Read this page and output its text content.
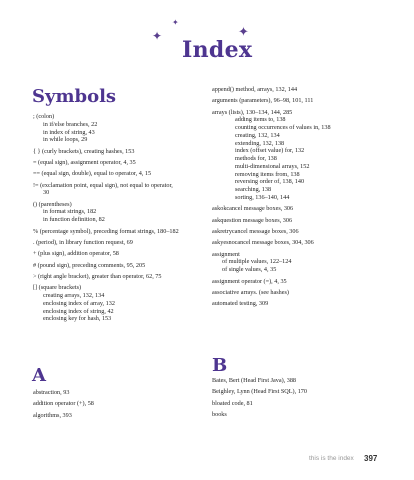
✦
✦
✦
Index
Symbols
; (colon)
in if/else branches, 22
in index of string, 43
in while loops, 29
{ } (curly brackets), creating hashes, 153
= (equal sign), assignment operator, 4, 35
== (equal sign, double), equal to operator, 4, 15
!= (exclamation point, equal sign), not equal to operator,
30
() (parentheses)
in format strings, 182
in function definition, 82
% (percentage symbol), preceding format strings, 180–182
. (period), in library function request, 69
+ (plus sign), addition operator, 58
# (pound sign), preceding comments, 95, 205
> (right angle bracket), greater than operator, 62, 75
[] (square brackets)
creating arrays, 132, 134
enclosing index of array, 132
enclosing index of string, 42
enclosing key for hash, 153
append() method, arrays, 132, 144
arguments (parameters), 96–98, 101, 111
arrays (lists), 130–134, 144, 285
adding items to, 138
counting occurrences of values in, 138
creating, 132, 134
extending, 132, 138
index (offset value) for, 132
methods for, 138
multi-dimensional arrays, 152
removing items from, 138
reversing order of, 138, 140
searching, 138
sorting, 136–140, 144
askokcancel message boxes, 306
askquestion message boxes, 306
askretrycancel message boxes, 306
askyesnocancel message boxes, 304, 306
assignment
of multiple values, 122–124
of single values, 4, 35
assignment operator (=), 4, 35
associative arrays. (see hashes)
automated testing, 309
A
abstraction, 93
addition operator (+), 58
algorithms, 393
B
Bates, Bert (Head First Java), 388
Beighley, Lynn (Head First SQL), 170
bloated code, 81
books
this is the index 397
